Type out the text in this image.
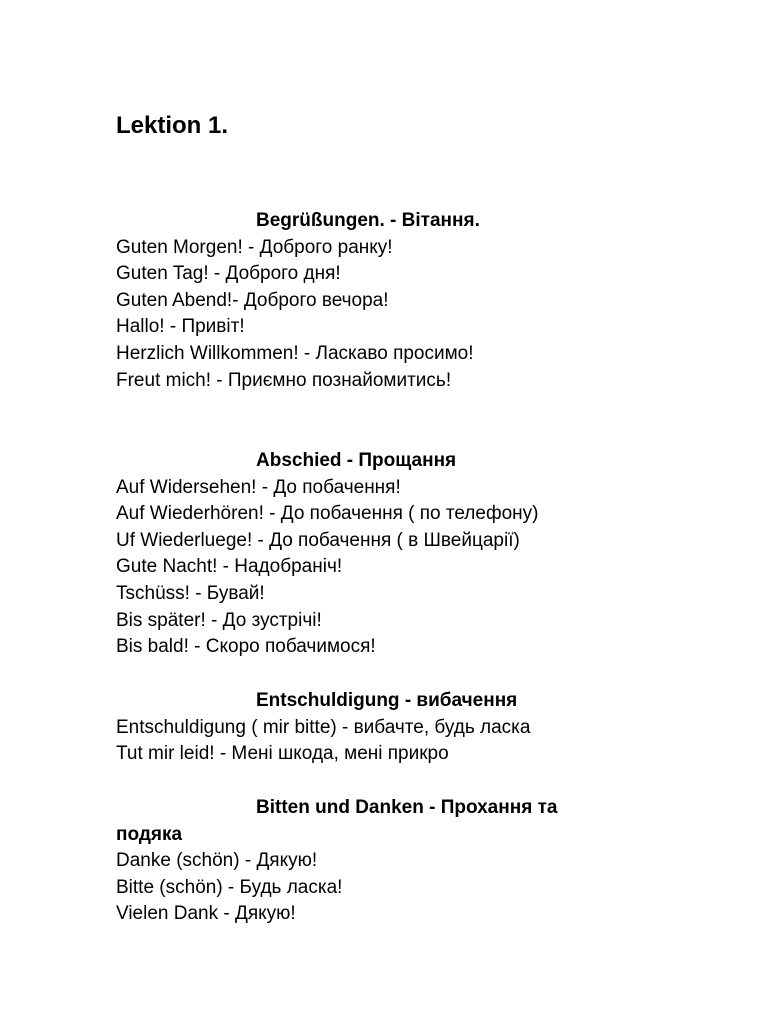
Lektion 1.

Begrüßungen. - Вітання.

Guten Morgen! - Доброго ранку!

Guten Tag! - Доброго дня!

Guten Abend!- Доброго вечора!

Hallo! - Привіт!

Herzlich Willkommen! - Ласкаво просимо!

Freut mich! - Приємно познайомитись!

Abschied - Прощання

Auf Widersehen! - До побачення!

Auf Wiederhören! - До побачення ( по телефону)

Uf Wiederluege! - До побачення ( в Швейцарії)

Gute Nacht! - Надобраніч!

Tschüss! - Бувай!

Bis später! - До зустрічі!

Bis bald! - Скоро побачимося!

Entschuldigung - вибачення

Entschuldigung ( mir bitte) - вибачте, будь ласка

Tut mir leid! - Мені шкода, мені прикро

Bitten und Danken - Прохання та подяка

Danke (schön) - Дякую!

Bitte (schön) - Будь ласка!

Vielen Dank - Дякую!
